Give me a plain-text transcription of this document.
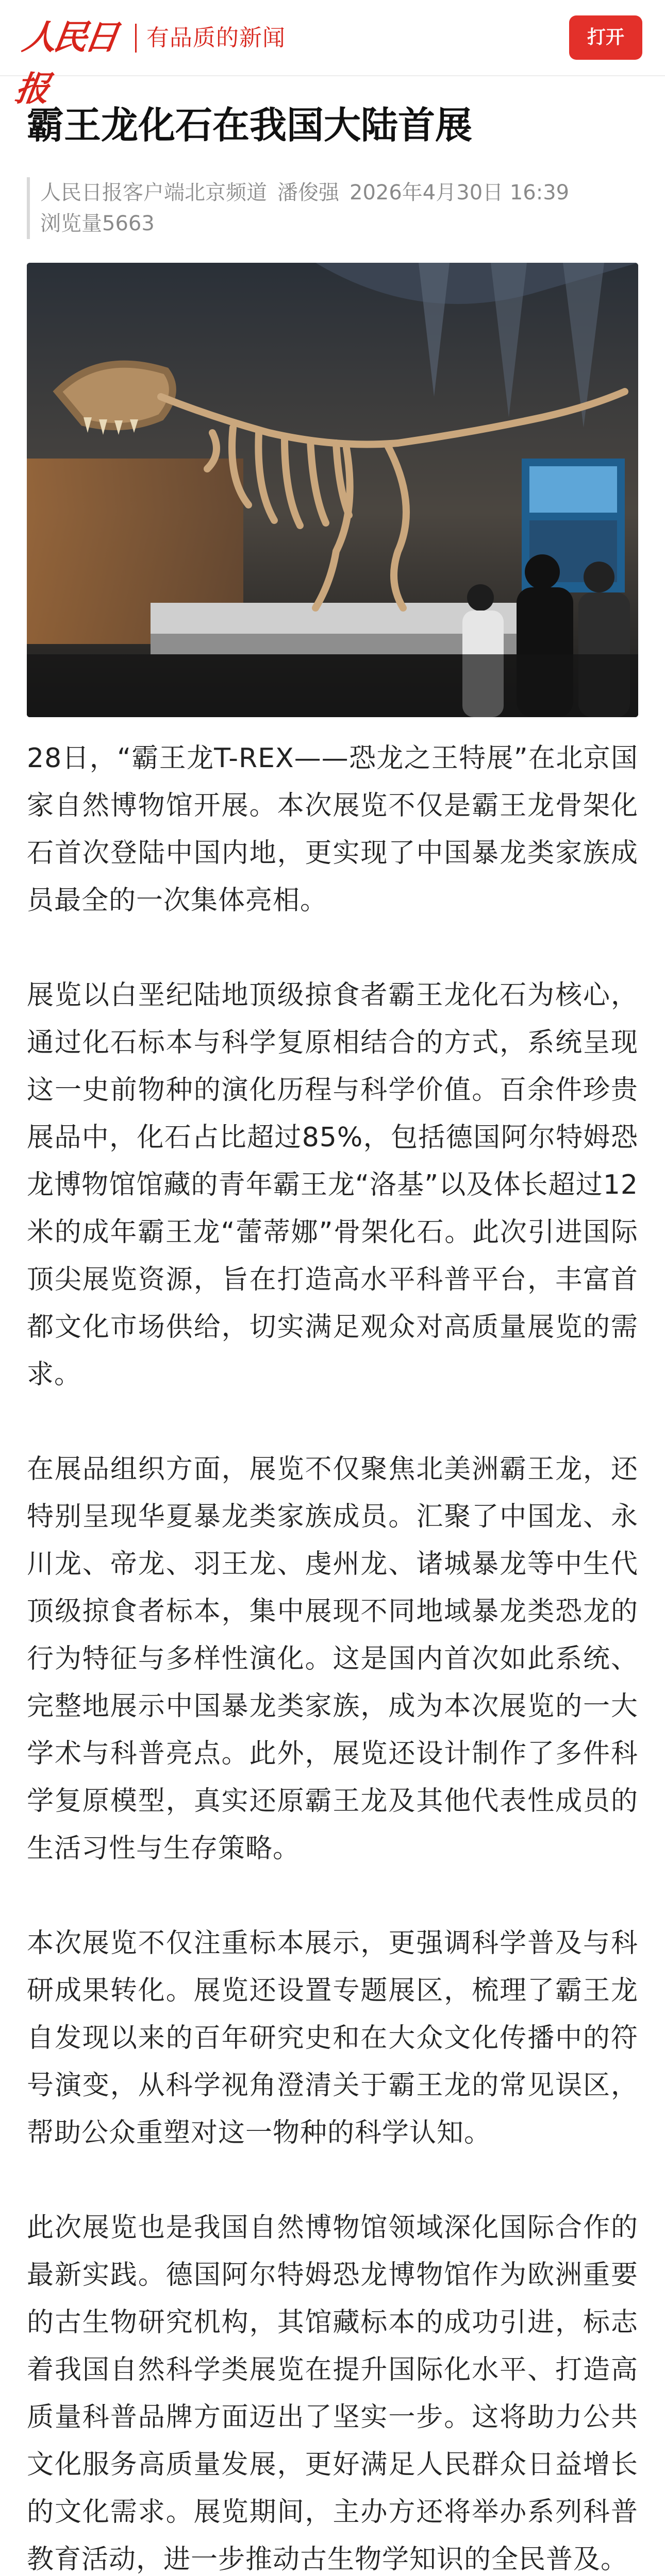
人民日报
有品质的新闻	打开
霸王龙化石在我国大陆首展
人民日报客户端北京频道 潘俊强 2026年4月30日 16:39
浏览量5663

28日，“霸王龙T-REX——恐龙之王特展”在北京国家自然博物馆开展。本次展览不仅是霸王龙骨架化石首次登陆中国内地，更实现了中国暴龙类家族成员最全的一次集体亮相。

展览以白垩纪陆地顶级掠食者霸王龙化石为核心，通过化石标本与科学复原相结合的方式，系统呈现这一史前物种的演化历程与科学价值。百余件珍贵展品中，化石占比超过85%，包括德国阿尔特姆恐龙博物馆馆藏的青年霸王龙“洛基”以及体长超过12米的成年霸王龙“蕾蒂娜”骨架化石。此次引进国际顶尖展览资源，旨在打造高水平科普平台，丰富首都文化市场供给，切实满足观众对高质量展览的需求。

在展品组织方面，展览不仅聚焦北美洲霸王龙，还特别呈现华夏暴龙类家族成员。汇聚了中国龙、永川龙、帝龙、羽王龙、虔州龙、诸城暴龙等中生代顶级掠食者标本，集中展现不同地域暴龙类恐龙的行为特征与多样性演化。这是国内首次如此系统、完整地展示中国暴龙类家族，成为本次展览的一大学术与科普亮点。此外，展览还设计制作了多件科学复原模型，真实还原霸王龙及其他代表性成员的生活习性与生存策略。

本次展览不仅注重标本展示，更强调科学普及与科研成果转化。展览还设置专题展区，梳理了霸王龙自发现以来的百年研究史和在大众文化传播中的符号演变，从科学视角澄清关于霸王龙的常见误区，帮助公众重塑对这一物种的科学认知。

此次展览也是我国自然博物馆领域深化国际合作的最新实践。德国阿尔特姆恐龙博物馆作为欧洲重要的古生物研究机构，其馆藏标本的成功引进，标志着我国自然科学类展览在提升国际化水平、打造高质量科普品牌方面迈出了坚实一步。这将助力公共文化服务高质量发展，更好满足人民群众日益增长的文化需求。展览期间，主办方还将举办系列科普教育活动，进一步推动古生物学知识的全民普及。
